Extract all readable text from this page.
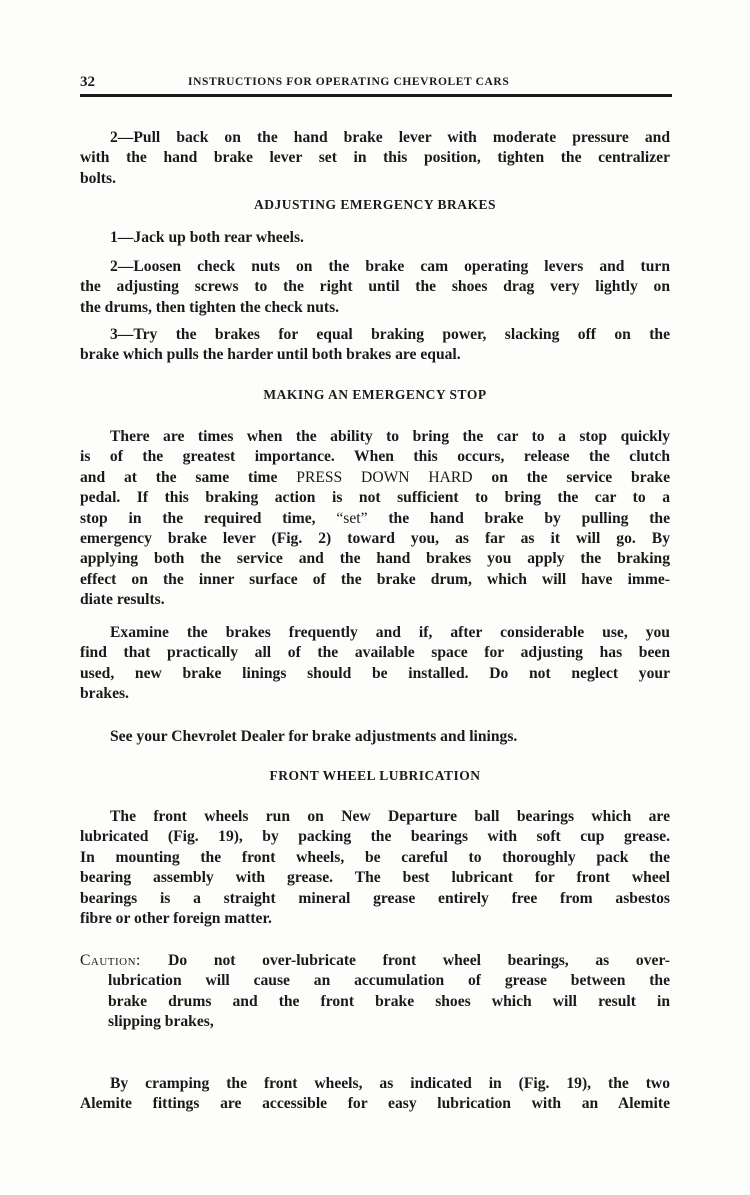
32	INSTRUCTIONS FOR OPERATING CHEVROLET CARS
2—Pull back on the hand brake lever with moderate pressure and
with the hand brake lever set in this position, tighten the centralizer
bolts.
ADJUSTING EMERGENCY BRAKES
1—Jack up both rear wheels.
2—Loosen check nuts on the brake cam operating levers and turn
the adjusting screws to the right until the shoes drag very lightly on
the drums, then tighten the check nuts.
3—Try the brakes for equal braking power, slacking off on the
brake which pulls the harder until both brakes are equal.
MAKING AN EMERGENCY STOP
There are times when the ability to bring the car to a stop quickly
is of the greatest importance. When this occurs, release the clutch
and at the same time PRESS DOWN HARD on the service brake
pedal. If this braking action is not sufficient to bring the car to a
stop in the required time, “set” the hand brake by pulling the
emergency brake lever (Fig. 2) toward you, as far as it will go. By
applying both the service and the hand brakes you apply the braking
effect on the inner surface of the brake drum, which will have imme-
diate results.
Examine the brakes frequently and if, after considerable use, you
find that practically all of the available space for adjusting has been
used, new brake linings should be installed. Do not neglect your
brakes.
See your Chevrolet Dealer for brake adjustments and linings.
FRONT WHEEL LUBRICATION
The front wheels run on New Departure ball bearings which are
lubricated (Fig. 19), by packing the bearings with soft cup grease.
In mounting the front wheels, be careful to thoroughly pack the
bearing assembly with grease. The best lubricant for front wheel
bearings is a straight mineral grease entirely free from asbestos
fibre or other foreign matter.
Caution: Do not over-lubricate front wheel bearings, as over-
lubrication will cause an accumulation of grease between the
brake drums and the front brake shoes which will result in
slipping brakes,
By cramping the front wheels, as indicated in (Fig. 19), the two
Alemite fittings are accessible for easy lubrication with an Alemite
